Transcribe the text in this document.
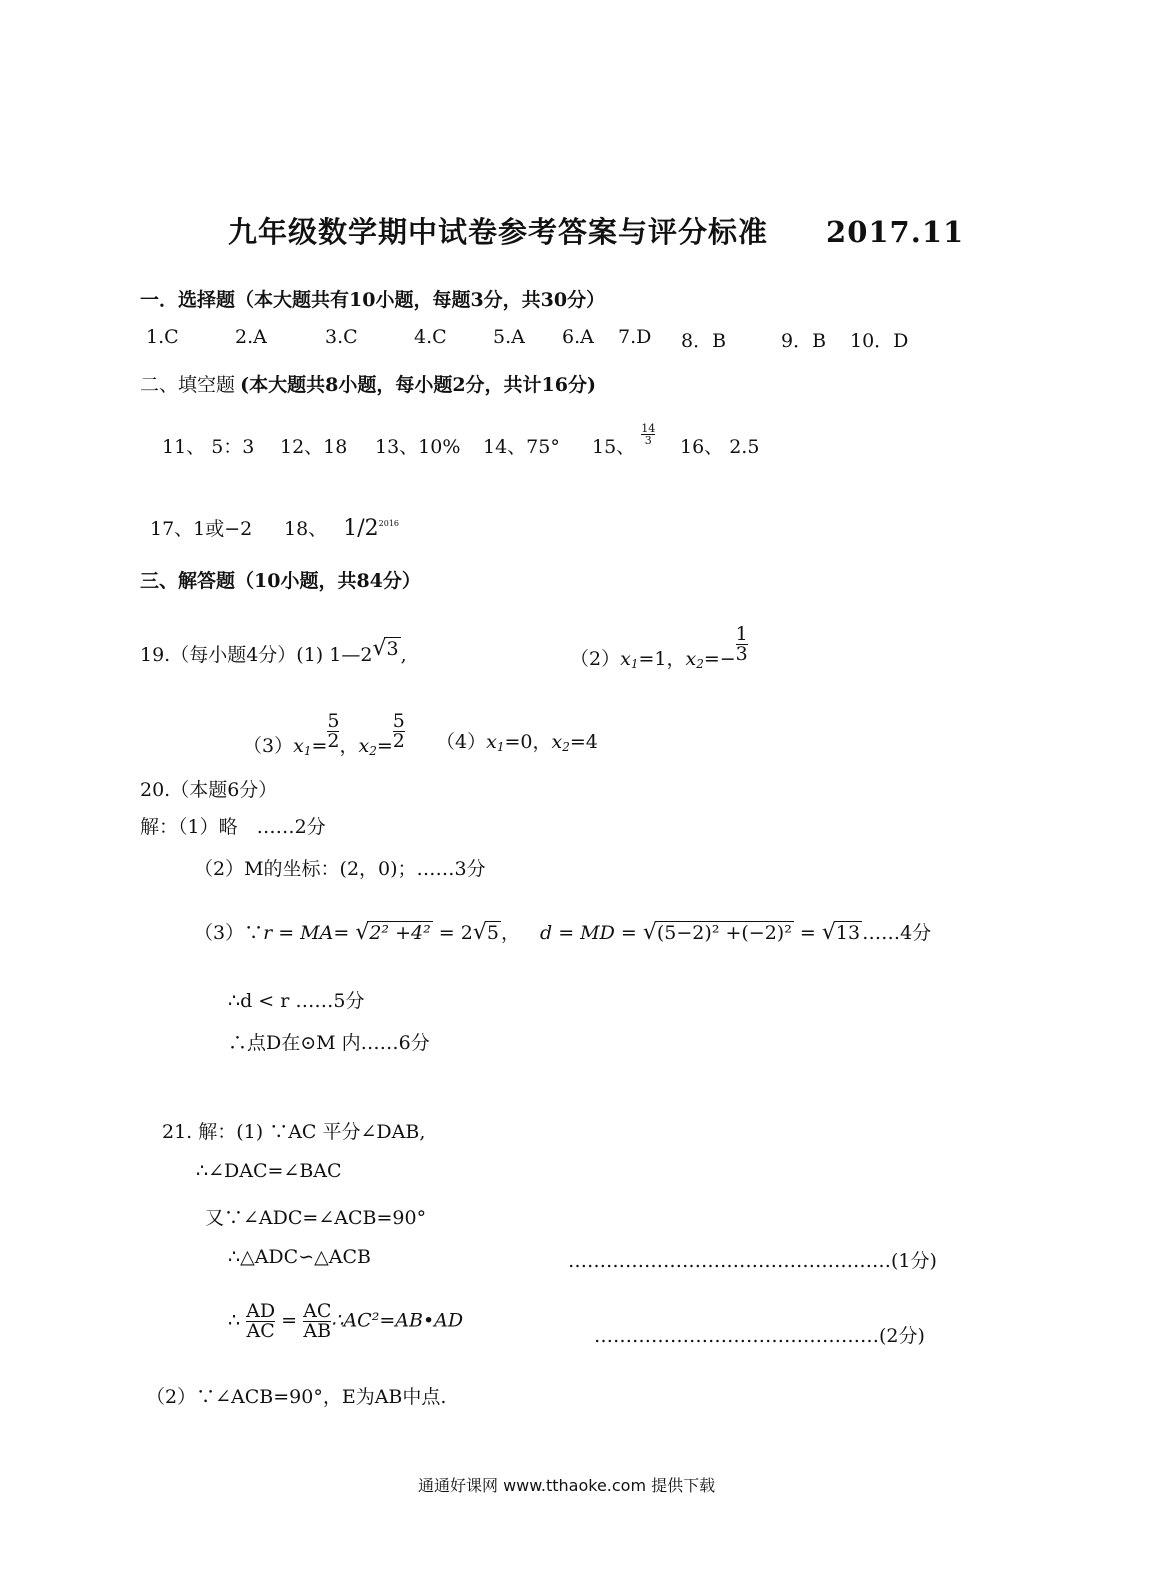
九年级数学期中试卷参考答案与评分标准 2017.11
一．选择题（本大题共有10小题，每题3分，共30分）
1.C	2.A	3.C	4.C 5.A 6.A 7.D 8．B	9．B 10．D
二、填空题 (本大题共8小题，每小题2分，共计16分)
11、 5：3 12、18 13、10% 14、75° 15、
$\frac{14}{3}$
16、 2.5
17、1或−2 18、 $1/2^{2016}$
三、解答题（10小题，共84分）
19.（每小题4分）(1) 1—2√3 ,	$(2)x_1=1$，$x_2=- \frac{1}{3}$
$(3)x_1= \frac{5}{2}$ ，$x_2= \frac{5}{2} (4)x_1=0$，$x_2=4$
20.（本题6分）
解：（1）略　……2分
（2）M的坐标：(2，0)；……3分
（3）∵r = MA= √2² +4² = 2√5 ， d = MD = √(5−2)² +(−2)² = √13 ……4分
∴d < r ……5分
∴点D在⊙M 内……6分
21. 解：(1) ∵AC 平分∠DAB,
∴∠DAC=∠BAC
又∵∠ADC=∠ACB=90°
∴△ADC∽△ACB	……………………………………………(1分)
∴ $\frac{AD}{AC} = \frac{AC}{AB}$ ∴AC²=AB•AD
………………………………………(2分)
（2）∵∠ACB=90°，E为AB中点.
通通好课网 www.tthaoke.com 提供下载
